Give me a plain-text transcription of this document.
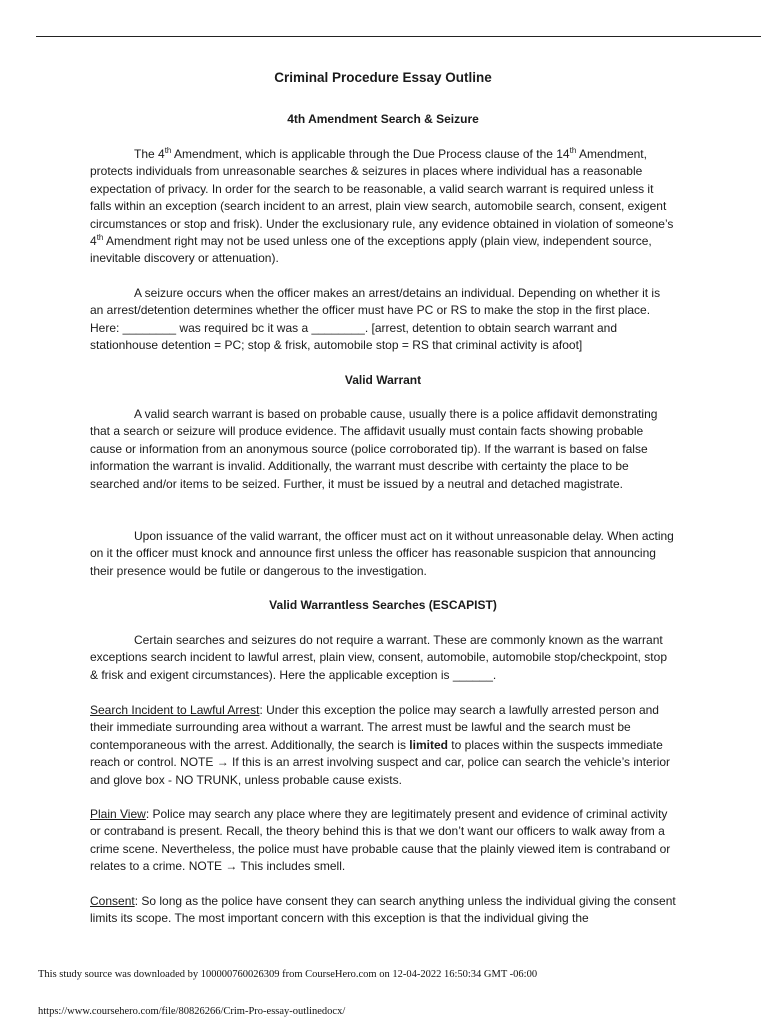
Criminal Procedure Essay Outline
4th Amendment Search & Seizure

The 4th Amendment, which is applicable through the Due Process clause of the 14th Amendment, protects individuals from unreasonable searches & seizures in places where individual has a reasonable expectation of privacy. In order for the search to be reasonable, a valid search warrant is required unless it falls within an exception (search incident to an arrest, plain view search, automobile search, consent, exigent circumstances or stop and frisk). Under the exclusionary rule, any evidence obtained in violation of someone’s 4th Amendment right may not be used unless one of the exceptions apply (plain view, independent source, inevitable discovery or attenuation).

A seizure occurs when the officer makes an arrest/detains an individual. Depending on whether it is an arrest/detention determines whether the officer must have PC or RS to make the stop in the first place. Here: ________ was required bc it was a ________. [arrest, detention to obtain search warrant and stationhouse detention = PC; stop & frisk, automobile stop = RS that criminal activity is afoot]

Valid Warrant

A valid search warrant is based on probable cause, usually there is a police affidavit demonstrating that a search or seizure will produce evidence. The affidavit usually must contain facts showing probable cause or information from an anonymous source (police corroborated tip). If the warrant is based on false information the warrant is invalid. Additionally, the warrant must describe with certainty the place to be searched and/or items to be seized. Further, it must be issued by a neutral and detached magistrate.

Upon issuance of the valid warrant, the officer must act on it without unreasonable delay. When acting on it the officer must knock and announce first unless the officer has reasonable suspicion that announcing their presence would be futile or dangerous to the investigation.

Valid Warrantless Searches (ESCAPIST)

Certain searches and seizures do not require a warrant. These are commonly known as the warrant exceptions search incident to lawful arrest, plain view, consent, automobile, automobile stop/checkpoint, stop & frisk and exigent circumstances). Here the applicable exception is ______.

Search Incident to Lawful Arrest: Under this exception the police may search a lawfully arrested person and their immediate surrounding area without a warrant. The arrest must be lawful and the search must be contemporaneous with the arrest. Additionally, the search is limited to places within the suspects immediate reach or control. NOTE → If this is an arrest involving suspect and car, police can search the vehicle’s interior and glove box - NO TRUNK, unless probable cause exists.

Plain View: Police may search any place where they are legitimately present and evidence of criminal activity or contraband is present. Recall, the theory behind this is that we don’t want our officers to walk away from a crime scene. Nevertheless, the police must have probable cause that the plainly viewed item is contraband or relates to a crime. NOTE → This includes smell.

Consent: So long as the police have consent they can search anything unless the individual giving the consent limits its scope. The most important concern with this exception is that the individual giving the

This study source was downloaded by 100000760026309 from CourseHero.com on 12-04-2022 16:50:34 GMT -06:00
https://www.coursehero.com/file/80826266/Crim-Pro-essay-outlinedocx/
